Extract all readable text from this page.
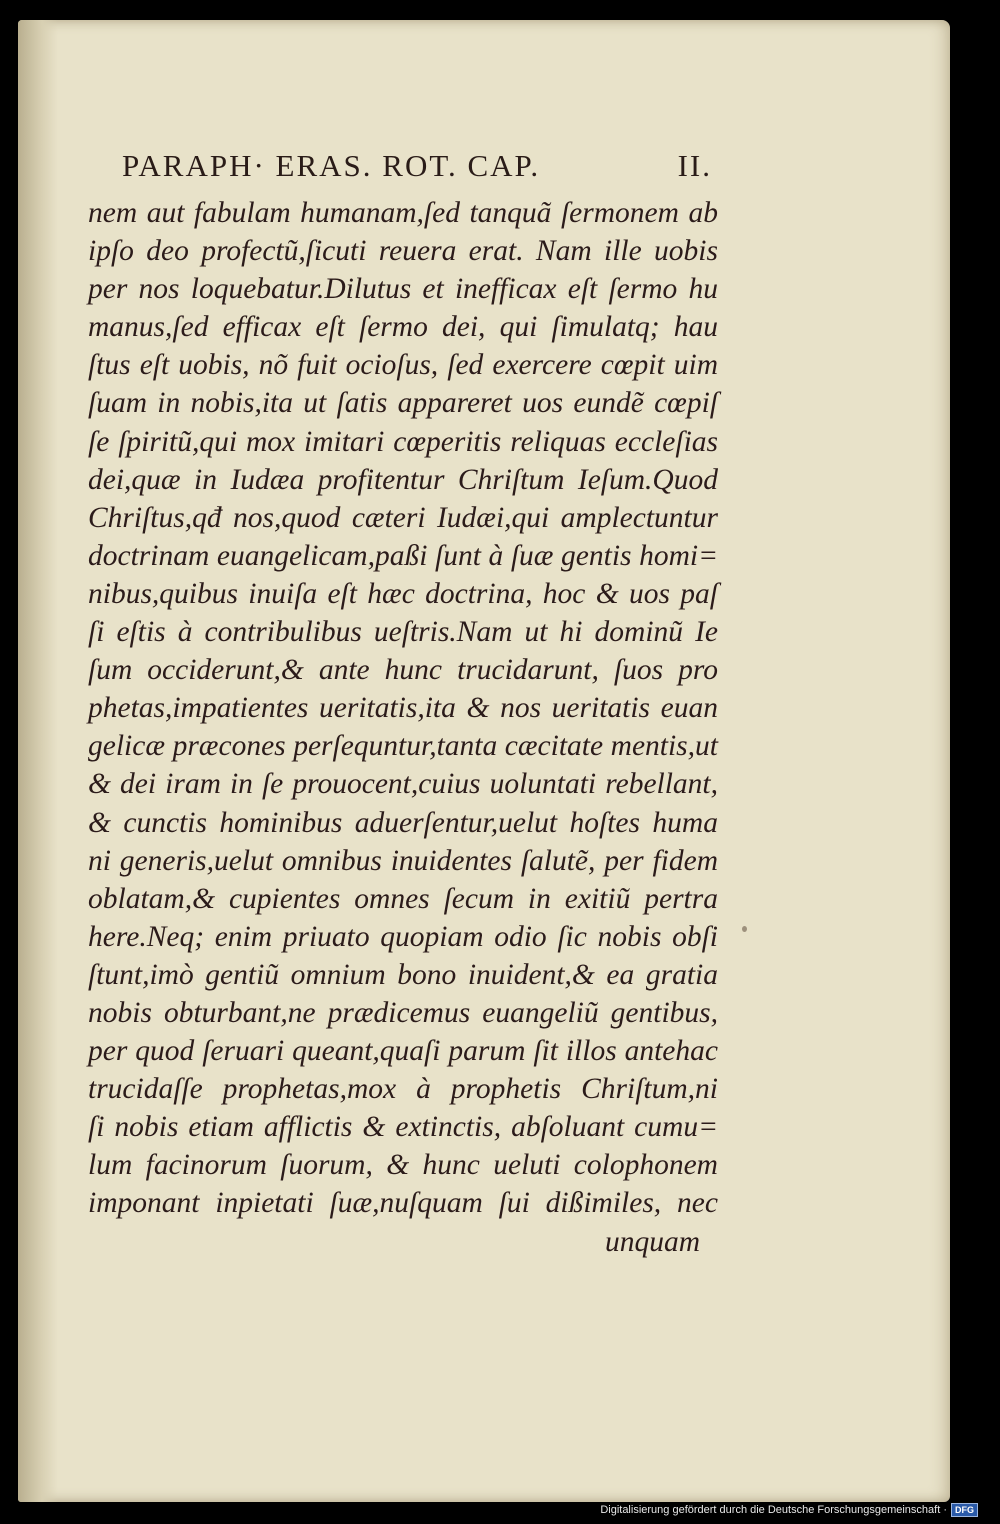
PARAPH· ERAS. ROT. CAP.	II.
nem aut fabulam humanam,ſed tanquã ſermonem ab
ipſo deo profectũ,ſicuti reuera erat. Nam ille uobis
per nos loquebatur.Dilutus et inefficax eſt ſermo hu
manus,ſed efficax eſt ſermo dei, qui ſimulatq; hau
ſtus eſt uobis, nõ fuit ocioſus, ſed exercere cœpit uim
ſuam in nobis,ita ut ſatis appareret uos eundẽ cœpiſ
ſe ſpiritũ,qui mox imitari cœperitis reliquas eccleſias
dei,quæ in Iudæa profitentur Chriſtum Ieſum.Quod
Chriſtus,qđ nos,quod cæteri Iudæi,qui amplectuntur
doctrinam euangelicam,paßi ſunt à ſuæ gentis homi=
nibus,quibus inuiſa eſt hæc doctrina, hoc & uos paſ
ſi eſtis à contribulibus ueſtris.Nam ut hi dominũ Ie
ſum occiderunt,& ante hunc trucidarunt, ſuos pro
phetas,impatientes ueritatis,ita & nos ueritatis euan
gelicæ præcones perſequntur,tanta cæcitate mentis,ut
& dei iram in ſe prouocent,cuius uoluntati rebellant,
& cunctis hominibus aduerſentur,uelut hoſtes huma
ni generis,uelut omnibus inuidentes ſalutẽ, per fidem
oblatam,& cupientes omnes ſecum in exitiũ pertra
here.Neq; enim priuato quopiam odio ſic nobis obſi
ſtunt,imò gentiũ omnium bono inuident,& ea gratia
nobis obturbant,ne prædicemus euangeliũ gentibus,
per quod ſeruari queant,quaſi parum ſit illos antehac
trucidaſſe prophetas,mox à prophetis Chriſtum,ni
ſi nobis etiam afflictis & extinctis, abſoluant cumu=
lum facinorum ſuorum, & hunc ueluti colophonem
imponant inpietati ſuæ,nuſquam ſui dißimiles, nec
unquam
Digitalisierung gefördert durch die Deutsche Forschungsgemeinschaft · DFG
